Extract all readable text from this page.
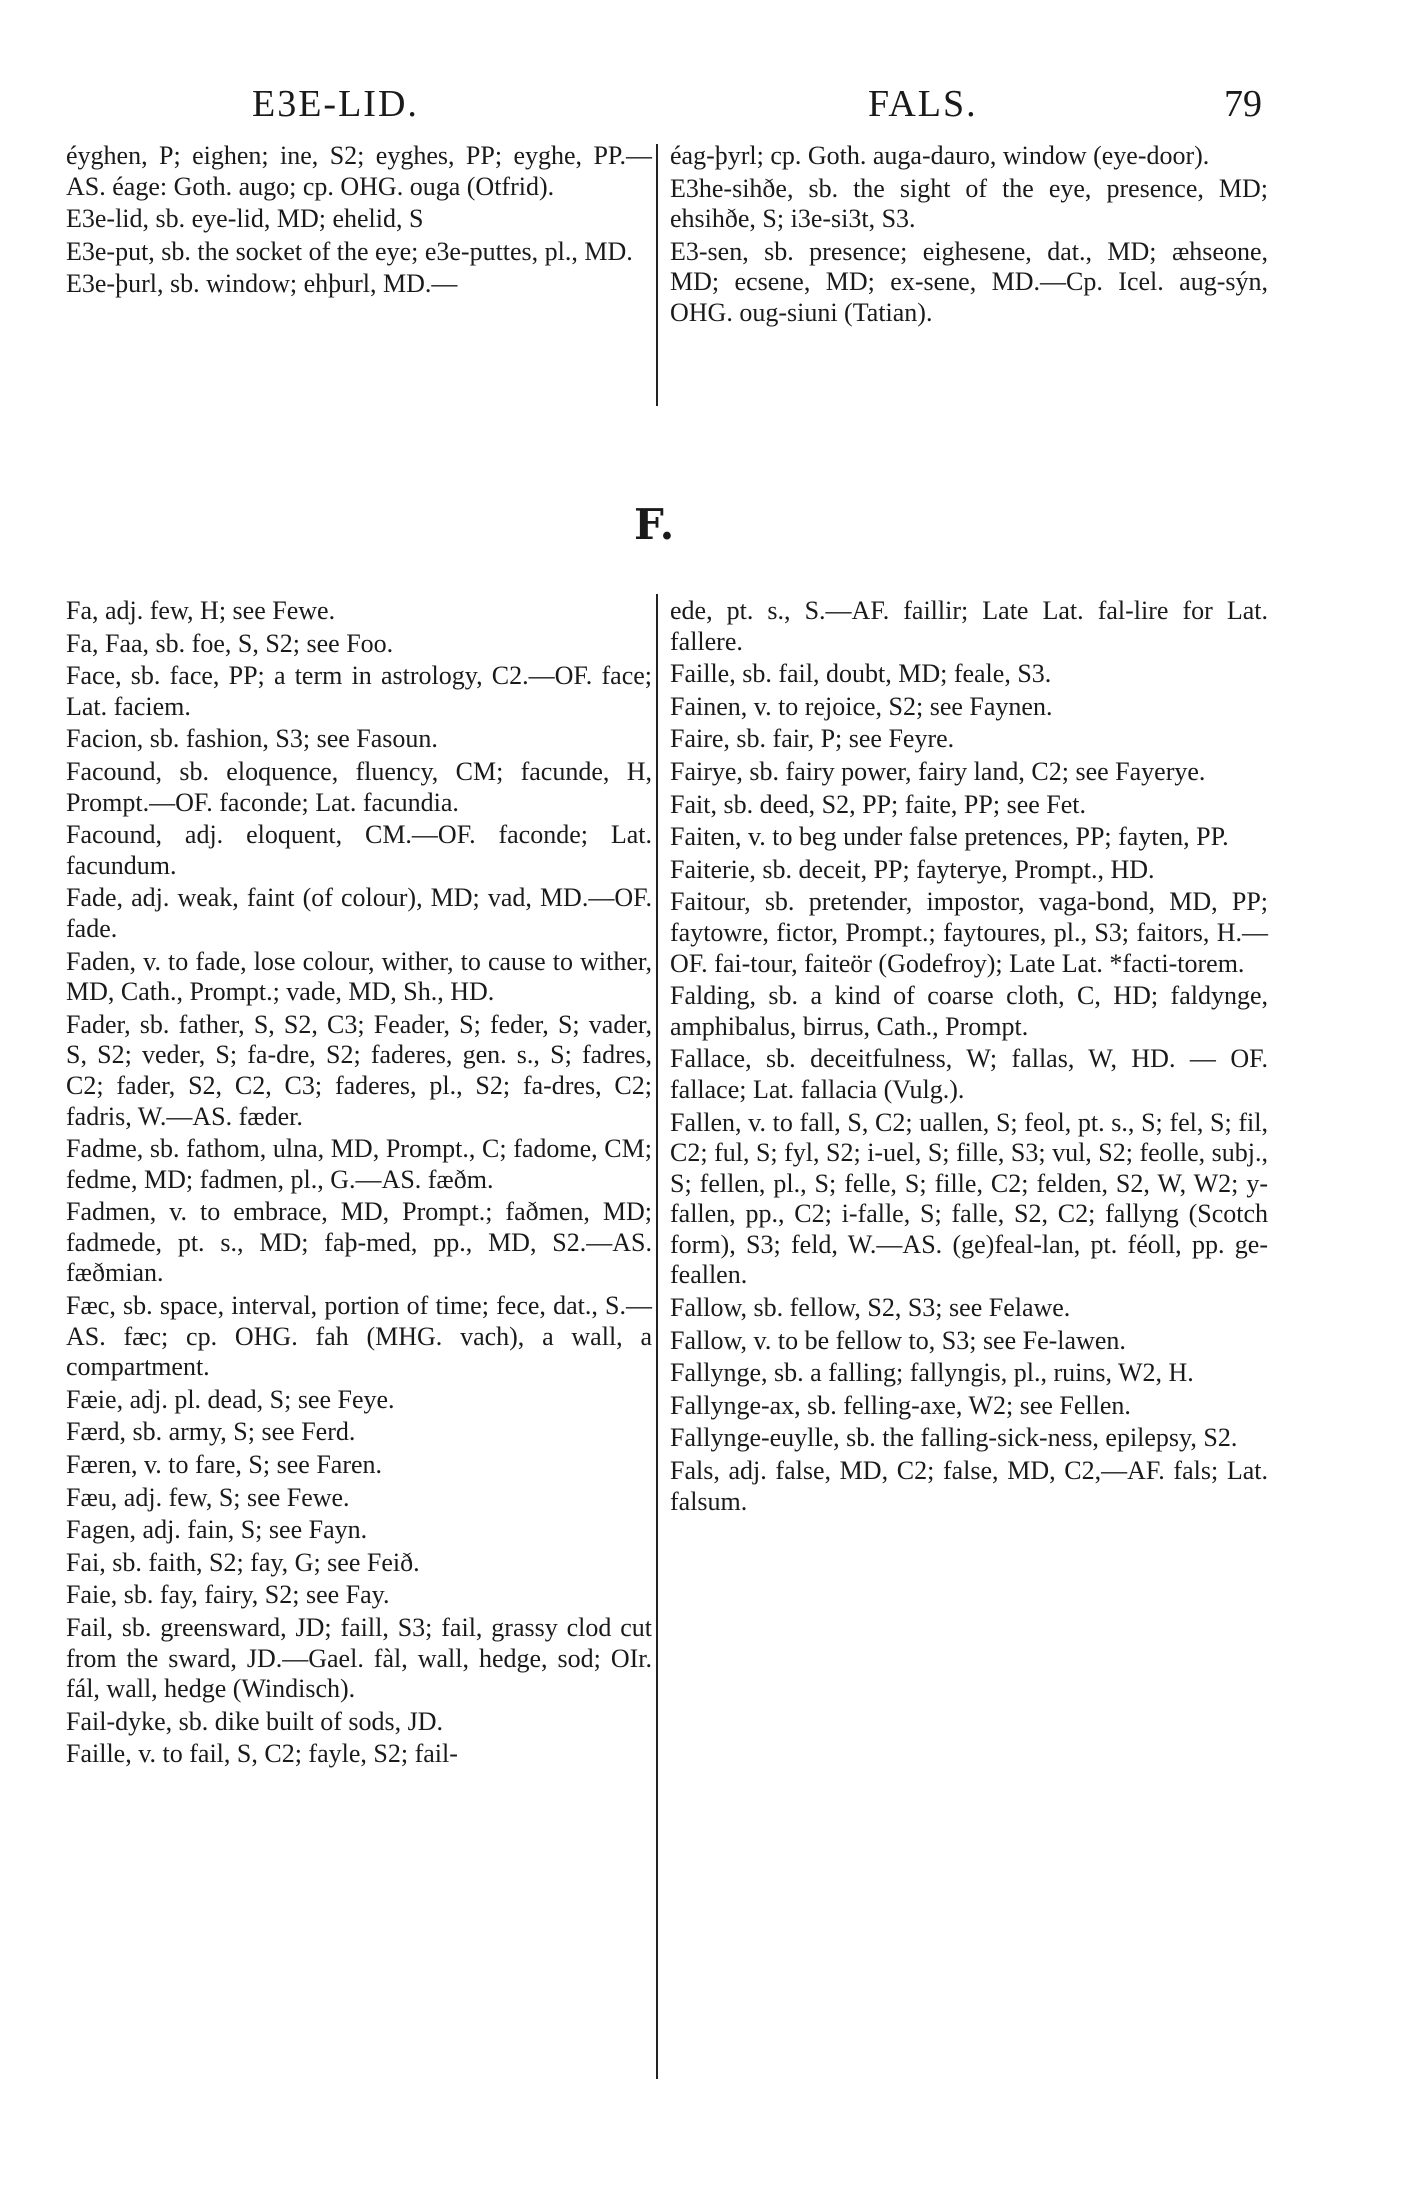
E3E-LID.	FALS.	79

éyghen, P; eighen; ine, S2; eyghes, PP; eyghe, PP.—AS. éage: Goth. augo; cp. OHG. ouga (Otfrid).

E3e-lid, sb. eye-lid, MD; ehelid, S

E3e-put, sb. the socket of the eye; e3e-puttes, pl., MD.

E3e-þurl, sb. window; ehþurl, MD.—

éag-þyrl; cp. Goth. auga-dauro, window (eye-door).

E3he-sihðe, sb. the sight of the eye, presence, MD; ehsihðe, S; i3e-si3t, S3.

E3-sen, sb. presence; eighesene, dat., MD; æhseone, MD; ecsene, MD; ex-sene, MD.—Cp. Icel. aug-sýn, OHG. oug-siuni (Tatian).

F.

Fa, adj. few, H; see Fewe.

Fa, Faa, sb. foe, S, S2; see Foo.

Face, sb. face, PP; a term in astrology, C2.—OF. face; Lat. faciem.

Facion, sb. fashion, S3; see Fasoun.

Facound, sb. eloquence, fluency, CM; facunde, H, Prompt.—OF. faconde; Lat. facundia.

Facound, adj. eloquent, CM.—OF. faconde; Lat. facundum.

Fade, adj. weak, faint (of colour), MD; vad, MD.—OF. fade.

Faden, v. to fade, lose colour, wither, to cause to wither, MD, Cath., Prompt.; vade, MD, Sh., HD.

Fader, sb. father, S, S2, C3; Feader, S; feder, S; vader, S, S2; veder, S; fa-dre, S2; faderes, gen. s., S; fadres, C2; fader, S2, C2, C3; faderes, pl., S2; fa-dres, C2; fadris, W.—AS. fæder.

Fadme, sb. fathom, ulna, MD, Prompt., C; fadome, CM; fedme, MD; fadmen, pl., G.—AS. fæðm.

Fadmen, v. to embrace, MD, Prompt.; faðmen, MD; fadmede, pt. s., MD; faþ-med, pp., MD, S2.—AS. fæðmian.

Fæc, sb. space, interval, portion of time; fece, dat., S.—AS. fæc; cp. OHG. fah (MHG. vach), a wall, a compartment.

Fæie, adj. pl. dead, S; see Feye.

Færd, sb. army, S; see Ferd.

Færen, v. to fare, S; see Faren.

Fæu, adj. few, S; see Fewe.

Fagen, adj. fain, S; see Fayn.

Fai, sb. faith, S2; fay, G; see Feið.

Faie, sb. fay, fairy, S2; see Fay.

Fail, sb. greensward, JD; faill, S3; fail, grassy clod cut from the sward, JD.—Gael. fàl, wall, hedge, sod; OIr. fál, wall, hedge (Windisch).

Fail-dyke, sb. dike built of sods, JD.

Faille, v. to fail, S, C2; fayle, S2; fail-

ede, pt. s., S.—AF. faillir; Late Lat. fal-lire for Lat. fallere.

Faille, sb. fail, doubt, MD; feale, S3.

Fainen, v. to rejoice, S2; see Faynen.

Faire, sb. fair, P; see Feyre.

Fairye, sb. fairy power, fairy land, C2; see Fayerye.

Fait, sb. deed, S2, PP; faite, PP; see Fet.

Faiten, v. to beg under false pretences, PP; fayten, PP.

Faiterie, sb. deceit, PP; fayterye, Prompt., HD.

Faitour, sb. pretender, impostor, vaga-bond, MD, PP; faytowre, fictor, Prompt.; faytoures, pl., S3; faitors, H.—OF. fai-tour, faiteör (Godefroy); Late Lat. *facti-torem.

Falding, sb. a kind of coarse cloth, C, HD; faldynge, amphibalus, birrus, Cath., Prompt.

Fallace, sb. deceitfulness, W; fallas, W, HD. — OF. fallace; Lat. fallacia (Vulg.).

Fallen, v. to fall, S, C2; uallen, S; feol, pt. s., S; fel, S; fil, C2; ful, S; fyl, S2; i-uel, S; fille, S3; vul, S2; feolle, subj., S; fellen, pl., S; felle, S; fille, C2; felden, S2, W, W2; y-fallen, pp., C2; i-falle, S; falle, S2, C2; fallyng (Scotch form), S3; feld, W.—AS. (ge)feal-lan, pt. féoll, pp. ge-feallen.

Fallow, sb. fellow, S2, S3; see Felawe.

Fallow, v. to be fellow to, S3; see Fe-lawen.

Fallynge, sb. a falling; fallyngis, pl., ruins, W2, H.

Fallynge-ax, sb. felling-axe, W2; see Fellen.

Fallynge-euylle, sb. the falling-sick-ness, epilepsy, S2.

Fals, adj. false, MD, C2; false, MD, C2,—AF. fals; Lat. falsum.
